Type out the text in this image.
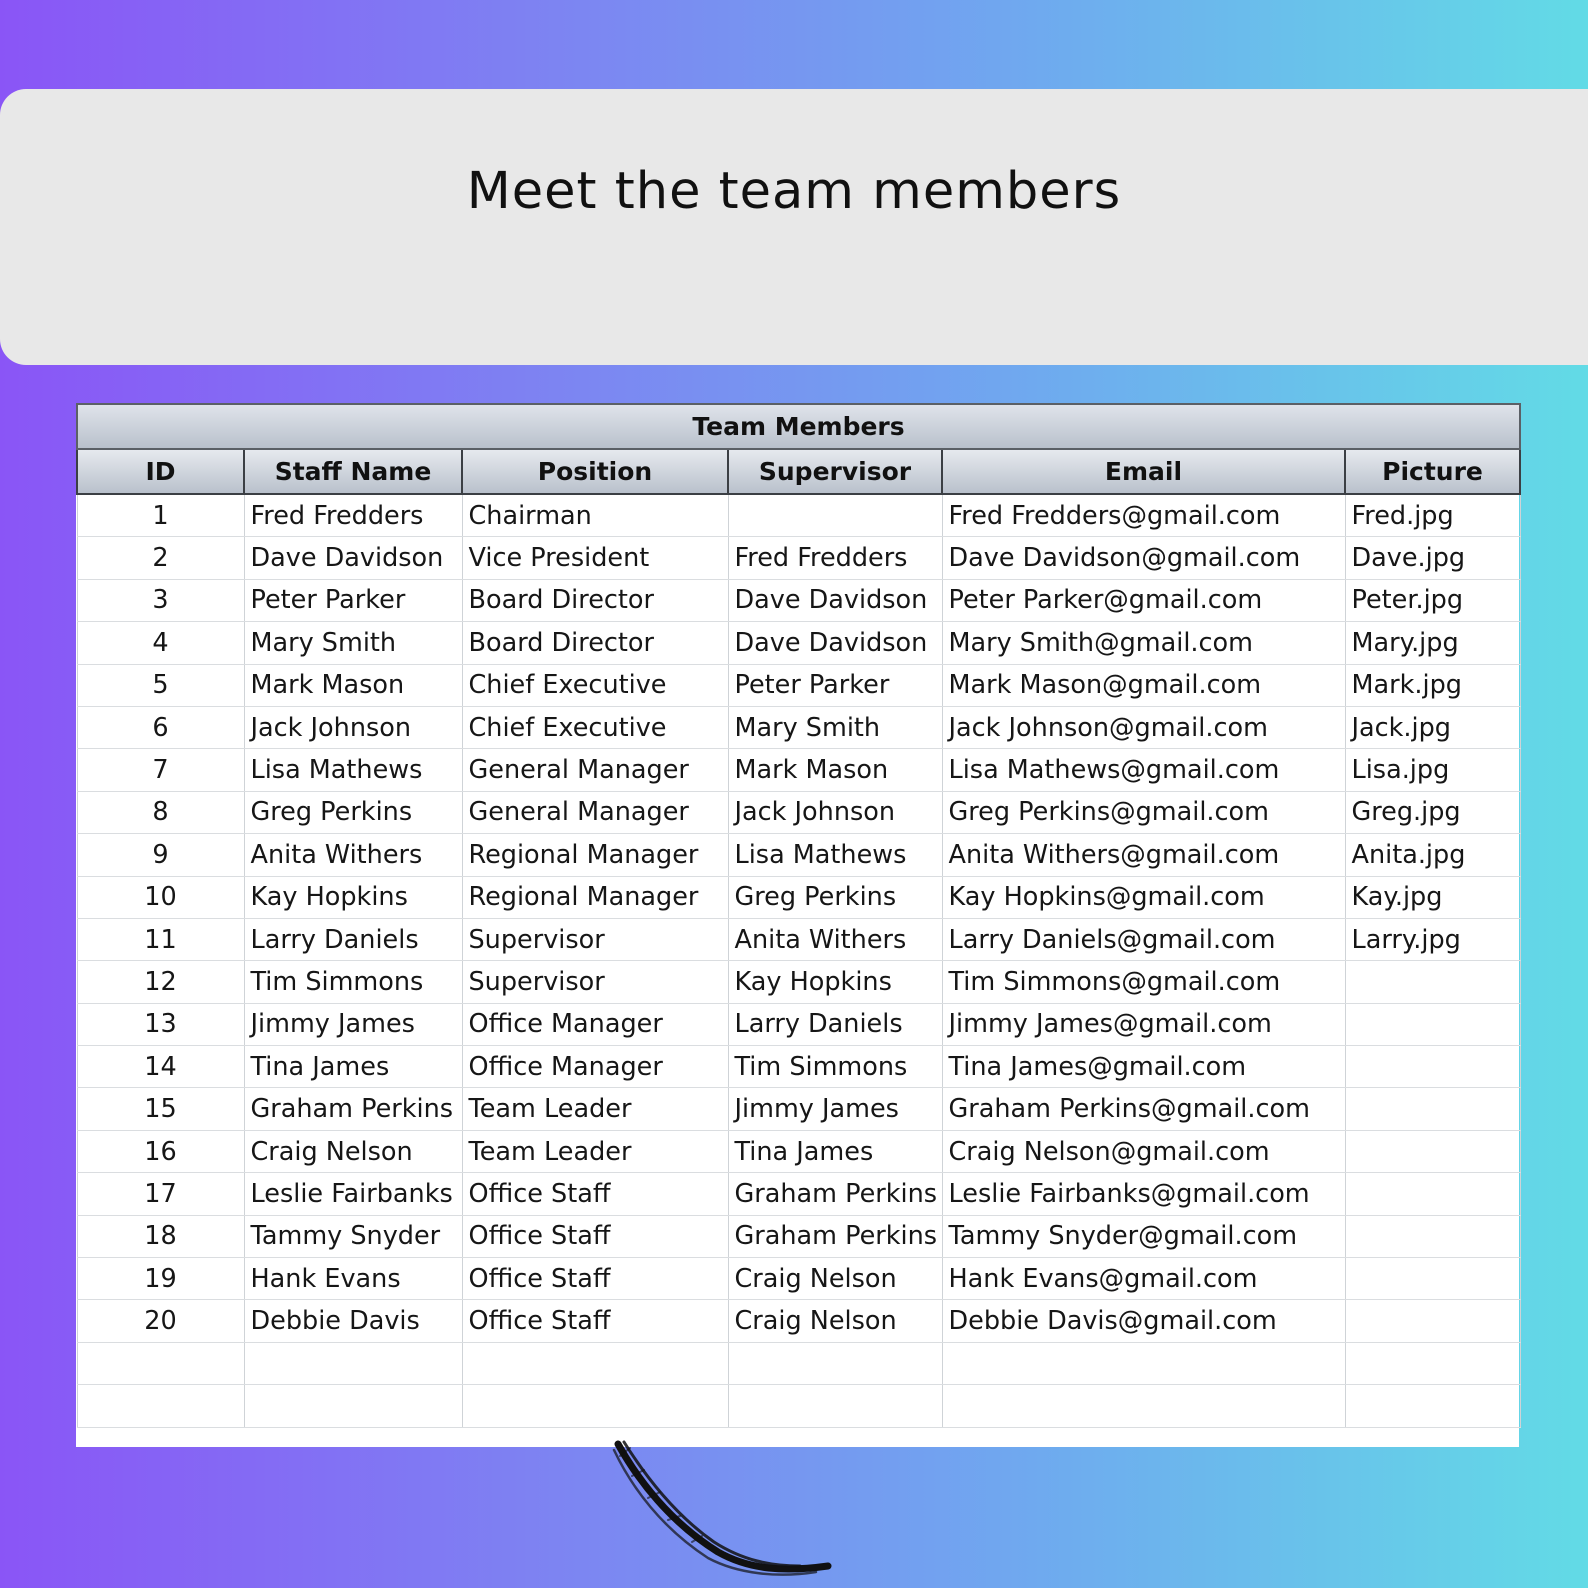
Meet the team members
Team Members					
ID	Staff Name	Position	Supervisor	Email	Picture
1	Fred Fredders	Chairman		Fred Fredders@gmail.com	Fred.jpg
2	Dave Davidson	Vice President	Fred Fredders	Dave Davidson@gmail.com	Dave.jpg
3	Peter Parker	Board Director	Dave Davidson	Peter Parker@gmail.com	Peter.jpg
4	Mary Smith	Board Director	Dave Davidson	Mary Smith@gmail.com	Mary.jpg
5	Mark Mason	Chief Executive	Peter Parker	Mark Mason@gmail.com	Mark.jpg
6	Jack Johnson	Chief Executive	Mary Smith	Jack Johnson@gmail.com	Jack.jpg
7	Lisa Mathews	General Manager	Mark Mason	Lisa Mathews@gmail.com	Lisa.jpg
8	Greg Perkins	General Manager	Jack Johnson	Greg Perkins@gmail.com	Greg.jpg
9	Anita Withers	Regional Manager	Lisa Mathews	Anita Withers@gmail.com	Anita.jpg
10	Kay Hopkins	Regional Manager	Greg Perkins	Kay Hopkins@gmail.com	Kay.jpg
11	Larry Daniels	Supervisor	Anita Withers	Larry Daniels@gmail.com	Larry.jpg
12	Tim Simmons	Supervisor	Kay Hopkins	Tim Simmons@gmail.com	
13	Jimmy James	Office Manager	Larry Daniels	Jimmy James@gmail.com	
14	Tina James	Office Manager	Tim Simmons	Tina James@gmail.com	
15	Graham Perkins	Team Leader	Jimmy James	Graham Perkins@gmail.com	
16	Craig Nelson	Team Leader	Tina James	Craig Nelson@gmail.com	
17	Leslie Fairbanks	Office Staff	Graham Perkins	Leslie Fairbanks@gmail.com	
18	Tammy Snyder	Office Staff	Graham Perkins	Tammy Snyder@gmail.com	
19	Hank Evans	Office Staff	Craig Nelson	Hank Evans@gmail.com	
20	Debbie Davis	Office Staff	Craig Nelson	Debbie Davis@gmail.com	
